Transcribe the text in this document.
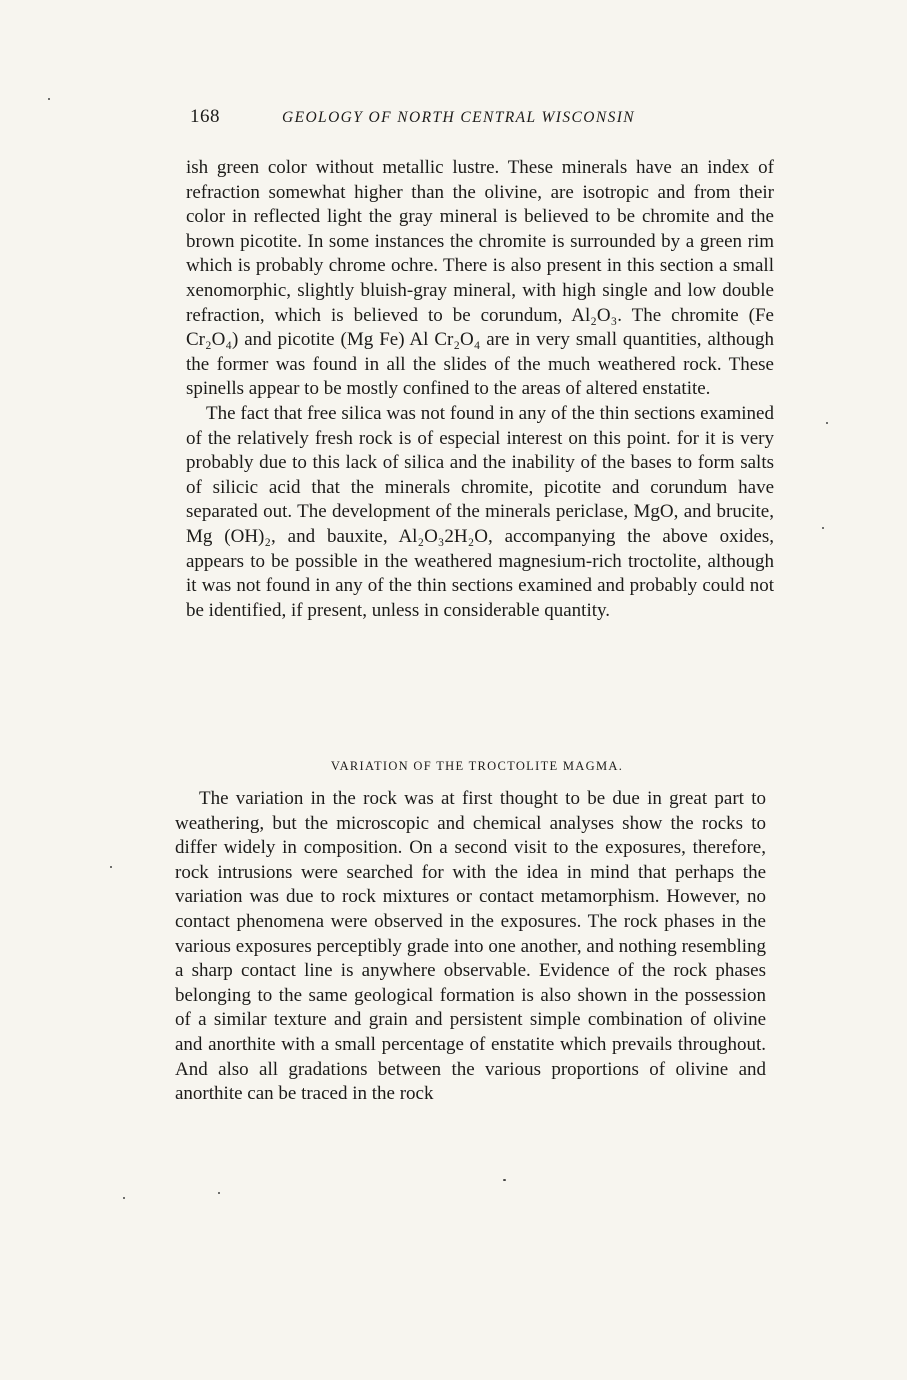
168	GEOLOGY OF NORTH CENTRAL WISCONSIN

ish green color without metallic lustre. These minerals have an index of refraction somewhat higher than the olivine, are isotropic and from their color in reflected light the gray mineral is believed to be chromite and the brown picotite. In some instances the chromite is surrounded by a green rim which is probably chrome ochre. There is also present in this section a small xenomorphic, slightly bluish-gray mineral, with high single and low double refraction, which is believed to be corundum, Al₂O₃. The chromite (Fe Cr₂O₄) and picotite (Mg Fe) Al Cr₂O₄ are in very small quantities, although the former was found in all the slides of the much weathered rock. These spinells appear to be mostly confined to the areas of altered enstatite.

The fact that free silica was not found in any of the thin sections examined of the relatively fresh rock is of especial interest on this point. for it is very probably due to this lack of silica and the inability of the bases to form salts of silicic acid that the minerals chromite, picotite and corundum have separated out. The development of the minerals periclase, MgO, and brucite, Mg (OH)₂, and bauxite, Al₂O₃2H₂O, accompanying the above oxides, appears to be possible in the weathered magnesium-rich troctolite, although it was not found in any of the thin sections examined and probably could not be identified, if present, unless in considerable quantity.

VARIATION OF THE TROCTOLITE MAGMA.

The variation in the rock was at first thought to be due in great part to weathering, but the microscopic and chemical analyses show the rocks to differ widely in composition. On a second visit to the exposures, therefore, rock intrusions were searched for with the idea in mind that perhaps the variation was due to rock mixtures or contact metamorphism. However, no contact phenomena were observed in the exposures. The rock phases in the various exposures perceptibly grade into one another, and nothing resembling a sharp contact line is anywhere observable. Evidence of the rock phases belonging to the same geological formation is also shown in the possession of a similar texture and grain and persistent simple combination of olivine and anorthite with a small percentage of enstatite which prevails throughout. And also all gradations between the various proportions of olivine and anorthite can be traced in the rock
